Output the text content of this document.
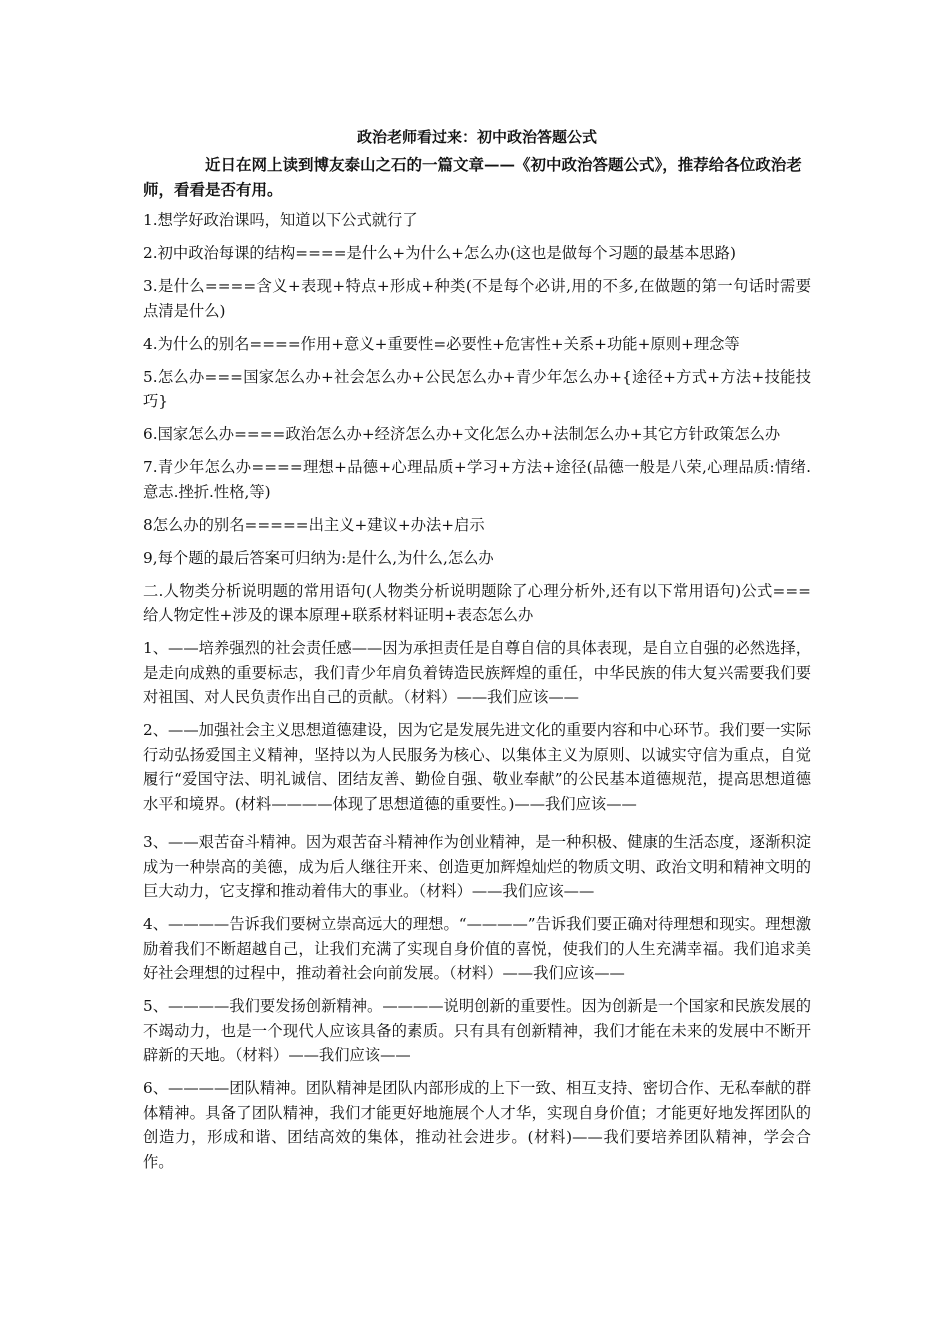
政治老师看过来：初中政治答题公式
近日在网上读到博友泰山之石的一篇文章——《初中政治答题公式》，推荐给各位政治老师，看看是否有用。
1.想学好政治课吗，知道以下公式就行了
2.初中政治每课的结构====是什么+为什么+怎么办(这也是做每个习题的最基本思路)
3.是什么====含义+表现+特点+形成+种类(不是每个必讲,用的不多,在做题的第一句话时需要点清是什么)
4.为什么的别名====作用+意义+重要性=必要性+危害性+关系+功能+原则+理念等
5.怎么办===国家怎么办+社会怎么办+公民怎么办+青少年怎么办+{途径+方式+方法+技能技巧}
6.国家怎么办====政治怎么办+经济怎么办+文化怎么办+法制怎么办+其它方针政策怎么办
7.青少年怎么办====理想+品德+心理品质+学习+方法+途径(品德一般是八荣,心理品质:情绪.意志.挫折.性格,等)
8怎么办的别名=====出主义+建议+办法+启示
9,每个题的最后答案可归纳为:是什么,为什么,怎么办
二.人物类分析说明题的常用语句(人物类分析说明题除了心理分析外,还有以下常用语句)公式===给人物定性+涉及的课本原理+联系材料证明+表态怎么办
1、——培养强烈的社会责任感——因为承担责任是自尊自信的具体表现，是自立自强的必然选择，是走向成熟的重要标志，我们青少年肩负着铸造民族辉煌的重任，中华民族的伟大复兴需要我们要对祖国、对人民负责作出自己的贡献。（材料）——我们应该——
2、——加强社会主义思想道德建设，因为它是发展先进文化的重要内容和中心环节。我们要一实际行动弘扬爱国主义精神，坚持以为人民服务为核心、以集体主义为原则、以诚实守信为重点，自觉履行“爱国守法、明礼诚信、团结友善、勤俭自强、敬业奉献”的公民基本道德规范，提高思想道德水平和境界。(材料————体现了思想道德的重要性。)——我们应该——
3、——艰苦奋斗精神。因为艰苦奋斗精神作为创业精神，是一种积极、健康的生活态度，逐渐积淀成为一种崇高的美德，成为后人继往开来、创造更加辉煌灿烂的物质文明、政治文明和精神文明的巨大动力，它支撑和推动着伟大的事业。（材料）——我们应该——
4、————告诉我们要树立崇高远大的理想。“————”告诉我们要正确对待理想和现实。理想激励着我们不断超越自己，让我们充满了实现自身价值的喜悦，使我们的人生充满幸福。我们追求美好社会理想的过程中，推动着社会向前发展。（材料）——我们应该——
5、————我们要发扬创新精神。————说明创新的重要性。因为创新是一个国家和民族发展的不竭动力，也是一个现代人应该具备的素质。只有具有创新精神，我们才能在未来的发展中不断开辟新的天地。（材料）——我们应该——
6、————团队精神。团队精神是团队内部形成的上下一致、相互支持、密切合作、无私奉献的群体精神。具备了团队精神，我们才能更好地施展个人才华，实现自身价值；才能更好地发挥团队的创造力，形成和谐、团结高效的集体，推动社会进步。(材料)——我们要培养团队精神，学会合作。
